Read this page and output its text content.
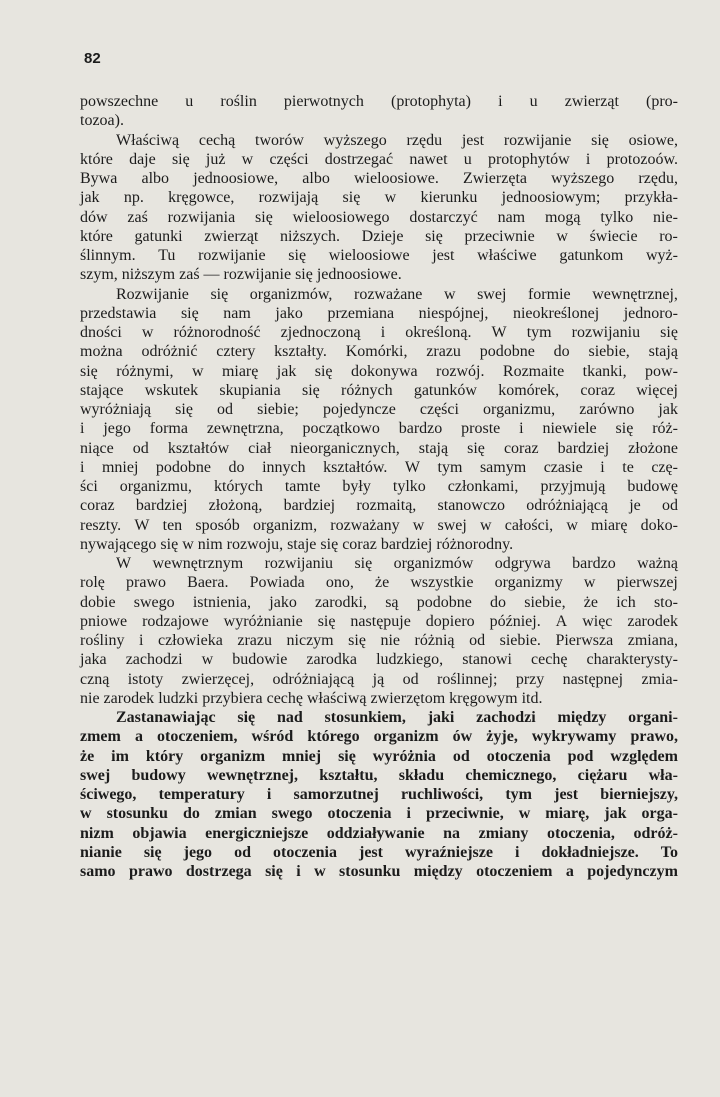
82
powszechne u roślin pierwotnych (protophyta) i u zwierząt (pro-
tozoa).
Właściwą cechą tworów wyższego rzędu jest rozwijanie się osiowe,
które daje się już w części dostrzegać nawet u protophytów i protozoów.
Bywa albo jednoosiowe, albo wieloosiowe. Zwierzęta wyższego rzędu,
jak np. kręgowce, rozwijają się w kierunku jednoosiowym; przykła-
dów zaś rozwijania się wieloosiowego dostarczyć nam mogą tylko nie-
które gatunki zwierząt niższych. Dzieje się przeciwnie w świecie ro-
ślinnym. Tu rozwijanie się wieloosiowe jest właściwe gatunkom wyż-
szym, niższym zaś — rozwijanie się jednoosiowe.
Rozwijanie się organizmów, rozważane w swej formie wewnętrznej,
przedstawia się nam jako przemiana niespójnej, nieokreślonej jednoro-
dności w różnorodność zjednoczoną i określoną. W tym rozwijaniu się
można odróżnić cztery kształty. Komórki, zrazu podobne do siebie, stają
się różnymi, w miarę jak się dokonywa rozwój. Rozmaite tkanki, pow-
stające wskutek skupiania się różnych gatunków komórek, coraz więcej
wyróżniają się od siebie; pojedyncze części organizmu, zarówno jak
i jego forma zewnętrzna, początkowo bardzo proste i niewiele się róż-
niące od kształtów ciał nieorganicznych, stają się coraz bardziej złożone
i mniej podobne do innych kształtów. W tym samym czasie i te czę-
ści organizmu, których tamte były tylko członkami, przyjmują budowę
coraz bardziej złożoną, bardziej rozmaitą, stanowczo odróżniającą je od
reszty. W ten sposób organizm, rozważany w swej w całości, w miarę doko-
nywającego się w nim rozwoju, staje się coraz bardziej różnorodny.
W wewnętrznym rozwijaniu się organizmów odgrywa bardzo ważną
rolę prawo Baera. Powiada ono, że wszystkie organizmy w pierwszej
dobie swego istnienia, jako zarodki, są podobne do siebie, że ich sto-
pniowe rodzajowe wyróżnianie się następuje dopiero później. A więc zarodek
rośliny i człowieka zrazu niczym się nie różnią od siebie. Pierwsza zmiana,
jaka zachodzi w budowie zarodka ludzkiego, stanowi cechę charakterysty-
czną istoty zwierzęcej, odróżniającą ją od roślinnej; przy następnej zmia-
nie zarodek ludzki przybiera cechę właściwą zwierzętom kręgowym itd.
Zastanawiając się nad stosunkiem, jaki zachodzi między organi-
zmem a otoczeniem, wśród którego organizm ów żyje, wykrywamy prawo,
że im który organizm mniej się wyróżnia od otoczenia pod względem
swej budowy wewnętrznej, kształtu, składu chemicznego, ciężaru wła-
ściwego, temperatury i samorzutnej ruchliwości, tym jest bierniejszy,
w stosunku do zmian swego otoczenia i przeciwnie, w miarę, jak orga-
nizm objawia energiczniejsze oddziaływanie na zmiany otoczenia, odróż-
nianie się jego od otoczenia jest wyraźniejsze i dokładniejsze. To
samo prawo dostrzega się i w stosunku między otoczeniem a pojedynczym
